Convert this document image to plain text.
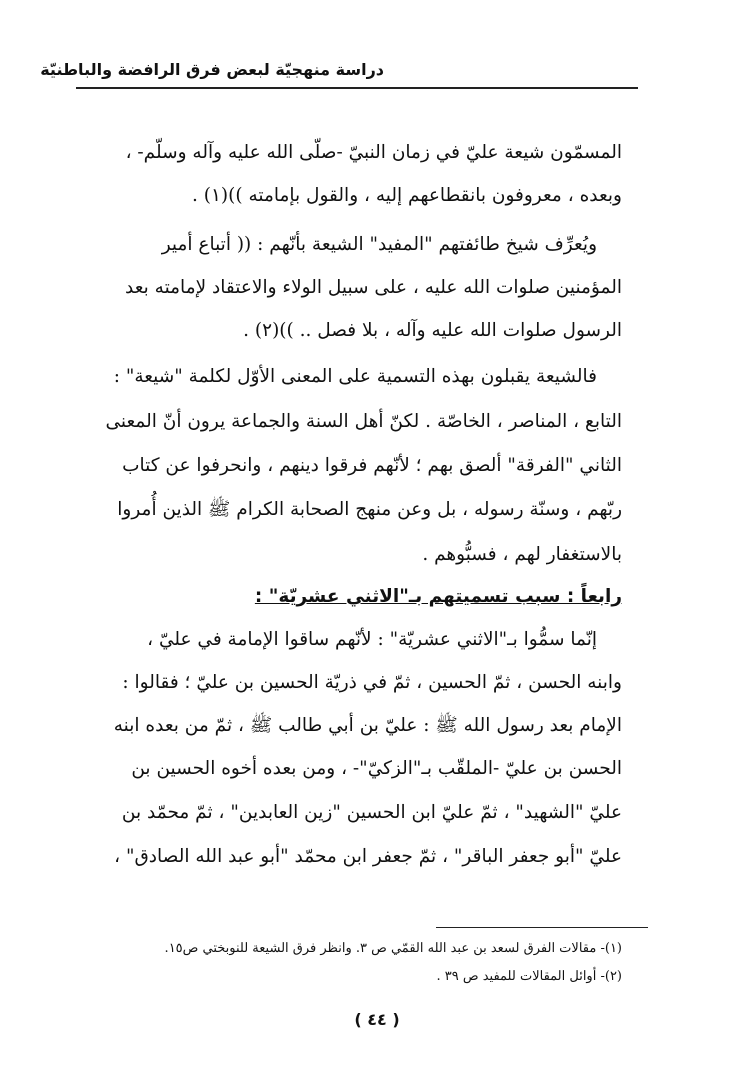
دراسة منهجيّة لبعض فرق الرافضة والباطنيّة
المسمّون شيعة عليّ في زمان النبيّ -صلّى الله عليه وآله وسلّم- ،
وبعده ، معروفون بانقطاعهم إليه ، والقول بإمامته ))(١) .
ويُعرِّف شيخ طائفتهم "المفيد" الشيعة بأنّهم : (( أتباع أمير
المؤمنين صلوات الله عليه ، على سبيل الولاء والاعتقاد لإمامته بعد
الرسول صلوات الله عليه وآله ، بلا فصل .. ))(٢) .
فالشيعة يقبلون بهذه التسمية على المعنى الأوّل لكلمة "شيعة" :
التابع ، المناصر ، الخاصّة . لكنّ أهل السنة والجماعة يرون أنّ المعنى
الثاني "الفرقة" ألصق بهم ؛ لأنّهم فرقوا دينهم ، وانحرفوا عن كتاب
ربّهم ، وسنّة رسوله ، بل وعن منهج الصحابة الكرام ﷺ الذين أُمروا
بالاستغفار لهم ، فسبُّوهم .
رابعاً : سبب تسميتهم بـ"الاثني عشريّة" :
إنّما سمُّوا بـ"الاثني عشريّة" : لأنّهم ساقوا الإمامة في عليّ ،
وابنه الحسن ، ثمّ الحسين ، ثمّ في ذريّة الحسين بن عليّ ؛ فقالوا :
الإمام بعد رسول الله ﷺ : عليّ بن أبي طالب ﷺ ، ثمّ من بعده ابنه
الحسن بن عليّ -الملقّب بـ"الزكيّ"- ، ومن بعده أخوه الحسين بن
عليّ "الشهيد" ، ثمّ عليّ ابن الحسين "زين العابدين" ، ثمّ محمّد بن
عليّ "أبو جعفر الباقر" ، ثمّ جعفر ابن محمّد "أبو عبد الله الصادق" ،
(١)- مقالات الفرق لسعد بن عبد الله القمّي ص ٣. وانظر فرق الشيعة للنوبختي ص١٥.
(٢)- أوائل المقالات للمفيد ص ٣٩ .
( ٤٤ )
